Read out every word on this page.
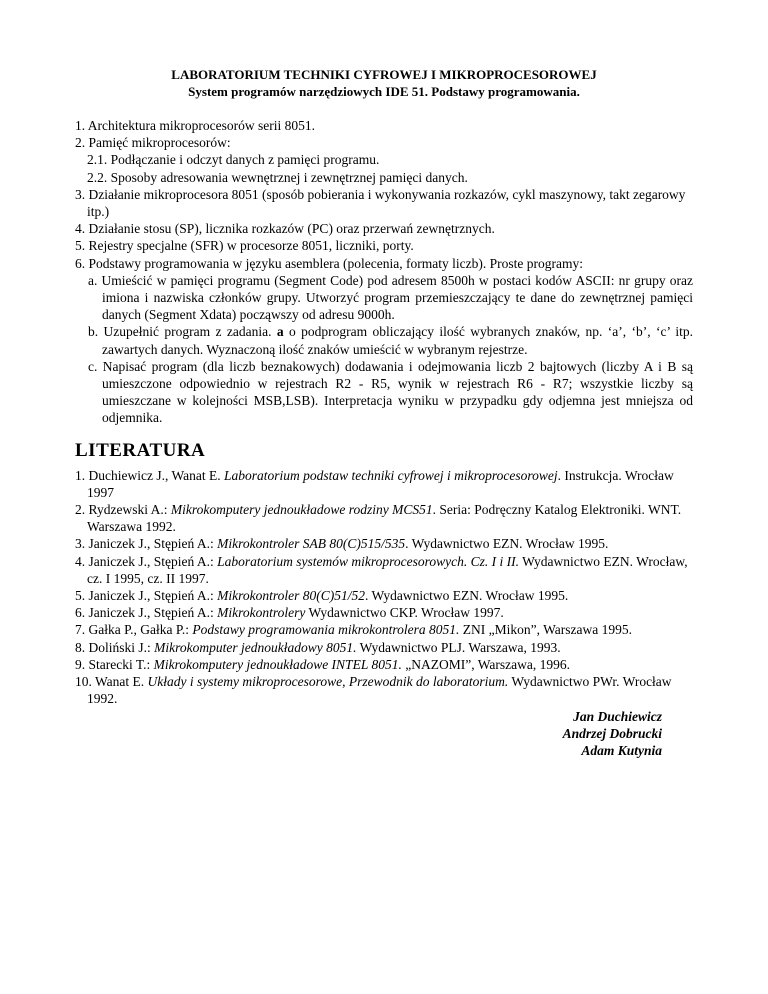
LABORATORIUM TECHNIKI CYFROWEJ I MIKROPROCESOROWEJ
System programów narzędziowych IDE 51. Podstawy programowania.
1. Architektura mikroprocesorów serii 8051.
2. Pamięć mikroprocesorów:
2.1. Podłączanie i odczyt danych z pamięci programu.
2.2. Sposoby adresowania wewnętrznej i zewnętrznej pamięci danych.
3. Działanie mikroprocesora 8051 (sposób pobierania i wykonywania rozkazów, cykl maszynowy, takt zegarowy itp.)
4. Działanie stosu (SP), licznika rozkazów (PC) oraz przerwań zewnętrznych.
5. Rejestry specjalne (SFR) w procesorze 8051, liczniki, porty.
6. Podstawy programowania w języku asemblera (polecenia, formaty liczb). Proste programy:
a. Umieścić w pamięci programu (Segment Code) pod adresem 8500h w postaci kodów ASCII: nr grupy oraz imiona i nazwiska członków grupy. Utworzyć program przemieszczający te dane do zewnętrznej pamięci danych (Segment Xdata) począwszy od adresu 9000h.
b. Uzupełnić program z zadania. a o podprogram obliczający ilość wybranych znaków, np. ‘a’, ‘b’, ‘c’ itp. zawartych danych. Wyznaczoną ilość znaków umieścić w wybranym rejestrze.
c. Napisać program (dla liczb beznakowych) dodawania i odejmowania liczb 2 bajtowych (liczby A i B są umieszczone odpowiednio w rejestrach R2 - R5, wynik w rejestrach R6 - R7; wszystkie liczby są umieszczane w kolejności MSB,LSB). Interpretacja wyniku w przypadku gdy odjemna jest mniejsza od odjemnika.
LITERATURA
1. Duchiewicz J., Wanat E. Laboratorium podstaw techniki cyfrowej i mikroprocesorowej. Instrukcja. Wrocław 1997
2. Rydzewski A.: Mikrokomputery jednoukładowe rodziny MCS51. Seria: Podręczny Katalog Elektroniki. WNT. Warszawa 1992.
3. Janiczek J., Stępień A.: Mikrokontroler SAB 80(C)515/535. Wydawnictwo EZN. Wrocław 1995.
4. Janiczek J., Stępień A.: Laboratorium systemów mikroprocesorowych. Cz. I i II. Wydawnictwo EZN. Wrocław, cz. I 1995, cz. II 1997.
5. Janiczek J., Stępień A.: Mikrokontroler 80(C)51/52. Wydawnictwo EZN. Wrocław 1995.
6. Janiczek J., Stępień A.: Mikrokontrolery Wydawnictwo CKP. Wrocław 1997.
7. Gałka P., Gałka P.: Podstawy programowania mikrokontrolera 8051. ZNI „Mikon”, Warszawa 1995.
8. Doliński J.: Mikrokomputer jednoukładowy 8051. Wydawnictwo PLJ. Warszawa, 1993.
9. Starecki T.: Mikrokomputery jednoukładowe INTEL 8051. „NAZOMI”, Warszawa, 1996.
10. Wanat E. Układy i systemy mikroprocesorowe, Przewodnik do laboratorium. Wydawnictwo PWr. Wrocław 1992.
Jan Duchiewicz
Andrzej Dobrucki
Adam Kutynia
